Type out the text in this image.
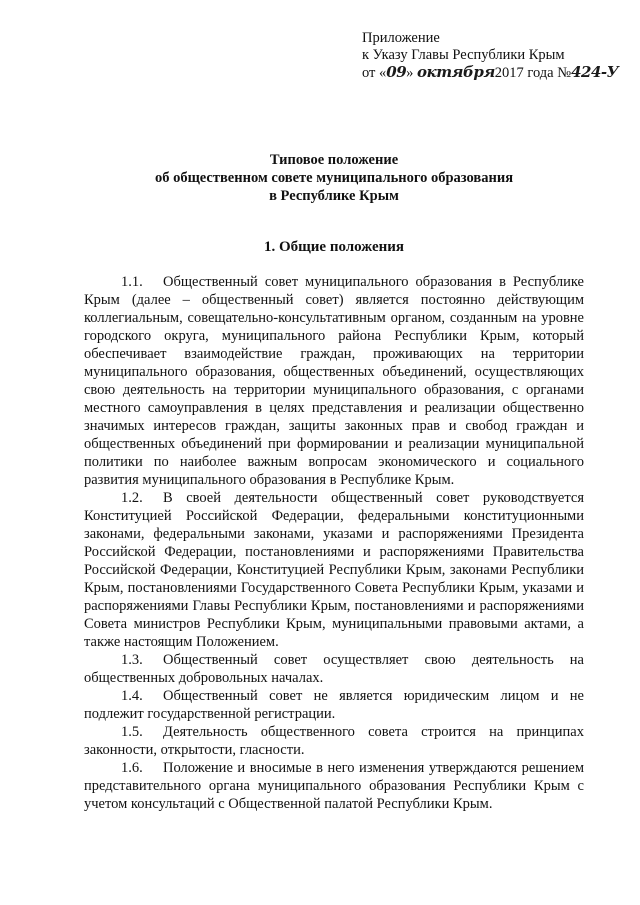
Приложение
к Указу Главы Республики Крым
от «09» октября2017 года №424-У
Типовое положение
об общественном совете муниципального образования
в Республике Крым
1. Общие положения

1.1. Общественный совет муниципального образования в Республике Крым (далее – общественный совет) является постоянно действующим коллегиальным, совещательно-консультативным органом, созданным на уровне городского округа, муниципального района Республики Крым, который обеспечивает взаимодействие граждан, проживающих на территории муниципального образования, общественных объединений, осуществляющих свою деятельность на территории муниципального образования, с органами местного самоуправления в целях представления и реализации общественно значимых интересов граждан, защиты законных прав и свобод граждан и общественных объединений при формировании и реализации муниципальной политики по наиболее важным вопросам экономического и социального развития муниципального образования в Республике Крым.

1.2. В своей деятельности общественный совет руководствуется Конституцией Российской Федерации, федеральными конституционными законами, федеральными законами, указами и распоряжениями Президента Российской Федерации, постановлениями и распоряжениями Правительства Российской Федерации, Конституцией Республики Крым, законами Республики Крым, постановлениями Государственного Совета Республики Крым, указами и распоряжениями Главы Республики Крым, постановлениями и распоряжениями Совета министров Республики Крым, муниципальными правовыми актами, а также настоящим Положением.

1.3. Общественный совет осуществляет свою деятельность на общественных добровольных началах.

1.4. Общественный совет не является юридическим лицом и не подлежит государственной регистрации.

1.5. Деятельность общественного совета строится на принципах законности, открытости, гласности.

1.6. Положение и вносимые в него изменения утверждаются решением представительного органа муниципального образования Республики Крым с учетом консультаций с Общественной палатой Республики Крым.
